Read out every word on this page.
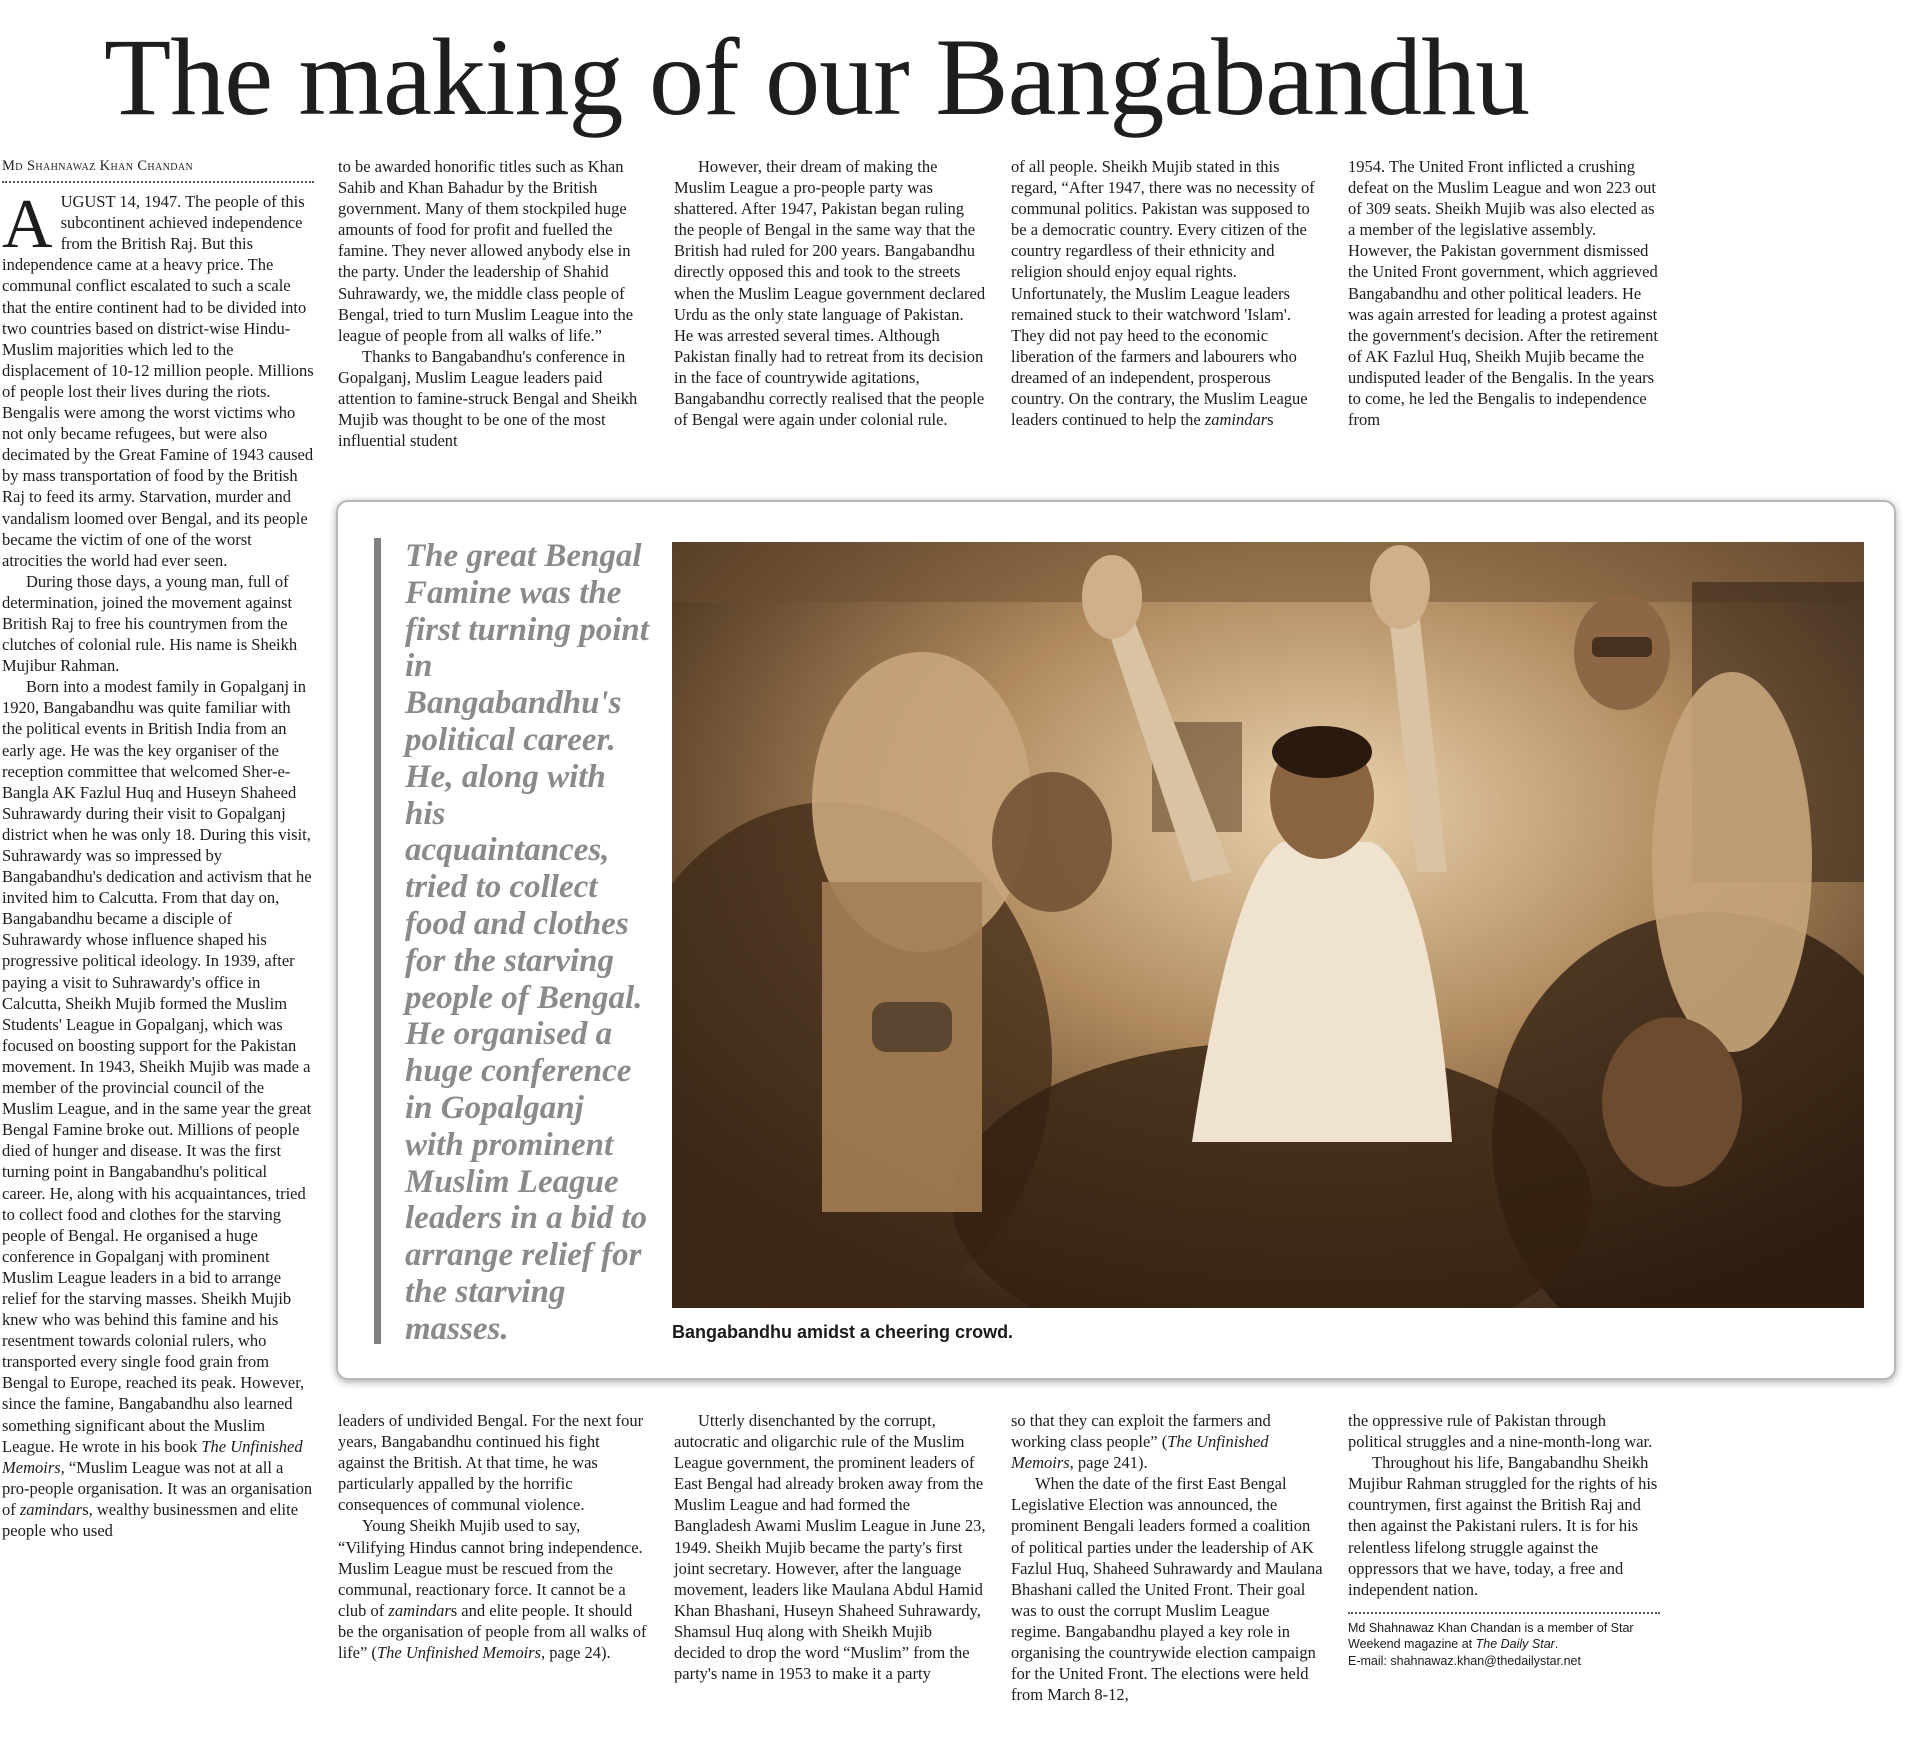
The making of our Bangabandhu
Md Shahnawaz Khan Chandan

AUGUST 14, 1947. The people of this subcontinent achieved independence from the British Raj. But this independence came at a heavy price. The communal conflict escalated to such a scale that the entire continent had to be divided into two countries based on district-wise Hindu-Muslim majorities which led to the displacement of 10-12 million people. Millions of people lost their lives during the riots. Bengalis were among the worst victims who not only became refugees, but were also decimated by the Great Famine of 1943 caused by mass transportation of food by the British Raj to feed its army. Starvation, murder and vandalism loomed over Bengal, and its people became the victim of one of the worst atrocities the world had ever seen.

During those days, a young man, full of determination, joined the movement against British Raj to free his countrymen from the clutches of colonial rule. His name is Sheikh Mujibur Rahman.

Born into a modest family in Gopalganj in 1920, Bangabandhu was quite familiar with the political events in British India from an early age. He was the key organiser of the reception committee that welcomed Sher-e-Bangla AK Fazlul Huq and Huseyn Shaheed Suhrawardy during their visit to Gopalganj district when he was only 18. During this visit, Suhrawardy was so impressed by Bangabandhu's dedication and activism that he invited him to Calcutta. From that day on, Bangabandhu became a disciple of Suhrawardy whose influence shaped his progressive political ideology. In 1939, after paying a visit to Suhrawardy's office in Calcutta, Sheikh Mujib formed the Muslim Students' League in Gopalganj, which was focused on boosting support for the Pakistan movement. In 1943, Sheikh Mujib was made a member of the provincial council of the Muslim League, and in the same year the great Bengal Famine broke out. Millions of people died of hunger and disease. It was the first turning point in Bangabandhu's political career. He, along with his acquaintances, tried to collect food and clothes for the starving people of Bengal. He organised a huge conference in Gopalganj with prominent Muslim League leaders in a bid to arrange relief for the starving masses. Sheikh Mujib knew who was behind this famine and his resentment towards colonial rulers, who transported every single food grain from Bengal to Europe, reached its peak. However, since the famine, Bangabandhu also learned something significant about the Muslim League. He wrote in his book The Unfinished Memoirs, “Muslim League was not at all a pro-people organisation. It was an organisation of zamindars, wealthy businessmen and elite people who used

to be awarded honorific titles such as Khan Sahib and Khan Bahadur by the British government. Many of them stockpiled huge amounts of food for profit and fuelled the famine. They never allowed anybody else in the party. Under the leadership of Shahid Suhrawardy, we, the middle class people of Bengal, tried to turn Muslim League into the league of people from all walks of life.”

Thanks to Bangabandhu's conference in Gopalganj, Muslim League leaders paid attention to famine-struck Bengal and Sheikh Mujib was thought to be one of the most influential student

However, their dream of making the Muslim League a pro-people party was shattered. After 1947, Pakistan began ruling the people of Bengal in the same way that the British had ruled for 200 years. Bangabandhu directly opposed this and took to the streets when the Muslim League government declared Urdu as the only state language of Pakistan. He was arrested several times. Although Pakistan finally had to retreat from its decision in the face of countrywide agitations, Bangabandhu correctly realised that the people of Bengal were again under colonial rule.

of all people. Sheikh Mujib stated in this regard, “After 1947, there was no necessity of communal politics. Pakistan was supposed to be a democratic country. Every citizen of the country regardless of their ethnicity and religion should enjoy equal rights. Unfortunately, the Muslim League leaders remained stuck to their watchword 'Islam'. They did not pay heed to the economic liberation of the farmers and labourers who dreamed of an independent, prosperous country. On the contrary, the Muslim League leaders continued to help the zamindars

1954. The United Front inflicted a crushing defeat on the Muslim League and won 223 out of 309 seats. Sheikh Mujib was also elected as a member of the legislative assembly. However, the Pakistan government dismissed the United Front government, which aggrieved Bangabandhu and other political leaders. He was again arrested for leading a protest against the government's decision. After the retirement of AK Fazlul Huq, Sheikh Mujib became the undisputed leader of the Bengalis. In the years to come, he led the Bengalis to independence from

The great Bengal Famine was the first turning point in Bangabandhu's political career. He, along with his acquaintances, tried to collect food and clothes for the starving people of Bengal. He organised a huge conference in Gopalganj with prominent Muslim League leaders in a bid to arrange relief for the starving masses.	Bangabandhu amidst a cheering crowd.

leaders of undivided Bengal. For the next four years, Bangabandhu continued his fight against the British. At that time, he was particularly appalled by the horrific consequences of communal violence.

Young Sheikh Mujib used to say, “Vilifying Hindus cannot bring independence. Muslim League must be rescued from the communal, reactionary force. It cannot be a club of zamindars and elite people. It should be the organisation of people from all walks of life” (The Unfinished Memoirs, page 24).

Utterly disenchanted by the corrupt, autocratic and oligarchic rule of the Muslim League government, the prominent leaders of East Bengal had already broken away from the Muslim League and had formed the Bangladesh Awami Muslim League in June 23, 1949. Sheikh Mujib became the party's first joint secretary. However, after the language movement, leaders like Maulana Abdul Hamid Khan Bhashani, Huseyn Shaheed Suhrawardy, Shamsul Huq along with Sheikh Mujib decided to drop the word “Muslim” from the party's name in 1953 to make it a party

so that they can exploit the farmers and working class people” (The Unfinished Memoirs, page 241).

When the date of the first East Bengal Legislative Election was announced, the prominent Bengali leaders formed a coalition of political parties under the leadership of AK Fazlul Huq, Shaheed Suhrawardy and Maulana Bhashani called the United Front. Their goal was to oust the corrupt Muslim League regime. Bangabandhu played a key role in organising the countrywide election campaign for the United Front. The elections were held from March 8-12,

the oppressive rule of Pakistan through political struggles and a nine-month-long war.

Throughout his life, Bangabandhu Sheikh Mujibur Rahman struggled for the rights of his countrymen, first against the British Raj and then against the Pakistani rulers. It is for his relentless lifelong struggle against the oppressors that we have, today, a free and independent nation.

Md Shahnawaz Khan Chandan is a member of Star Weekend magazine at The Daily Star.
E-mail: shahnawaz.khan@thedailystar.net
